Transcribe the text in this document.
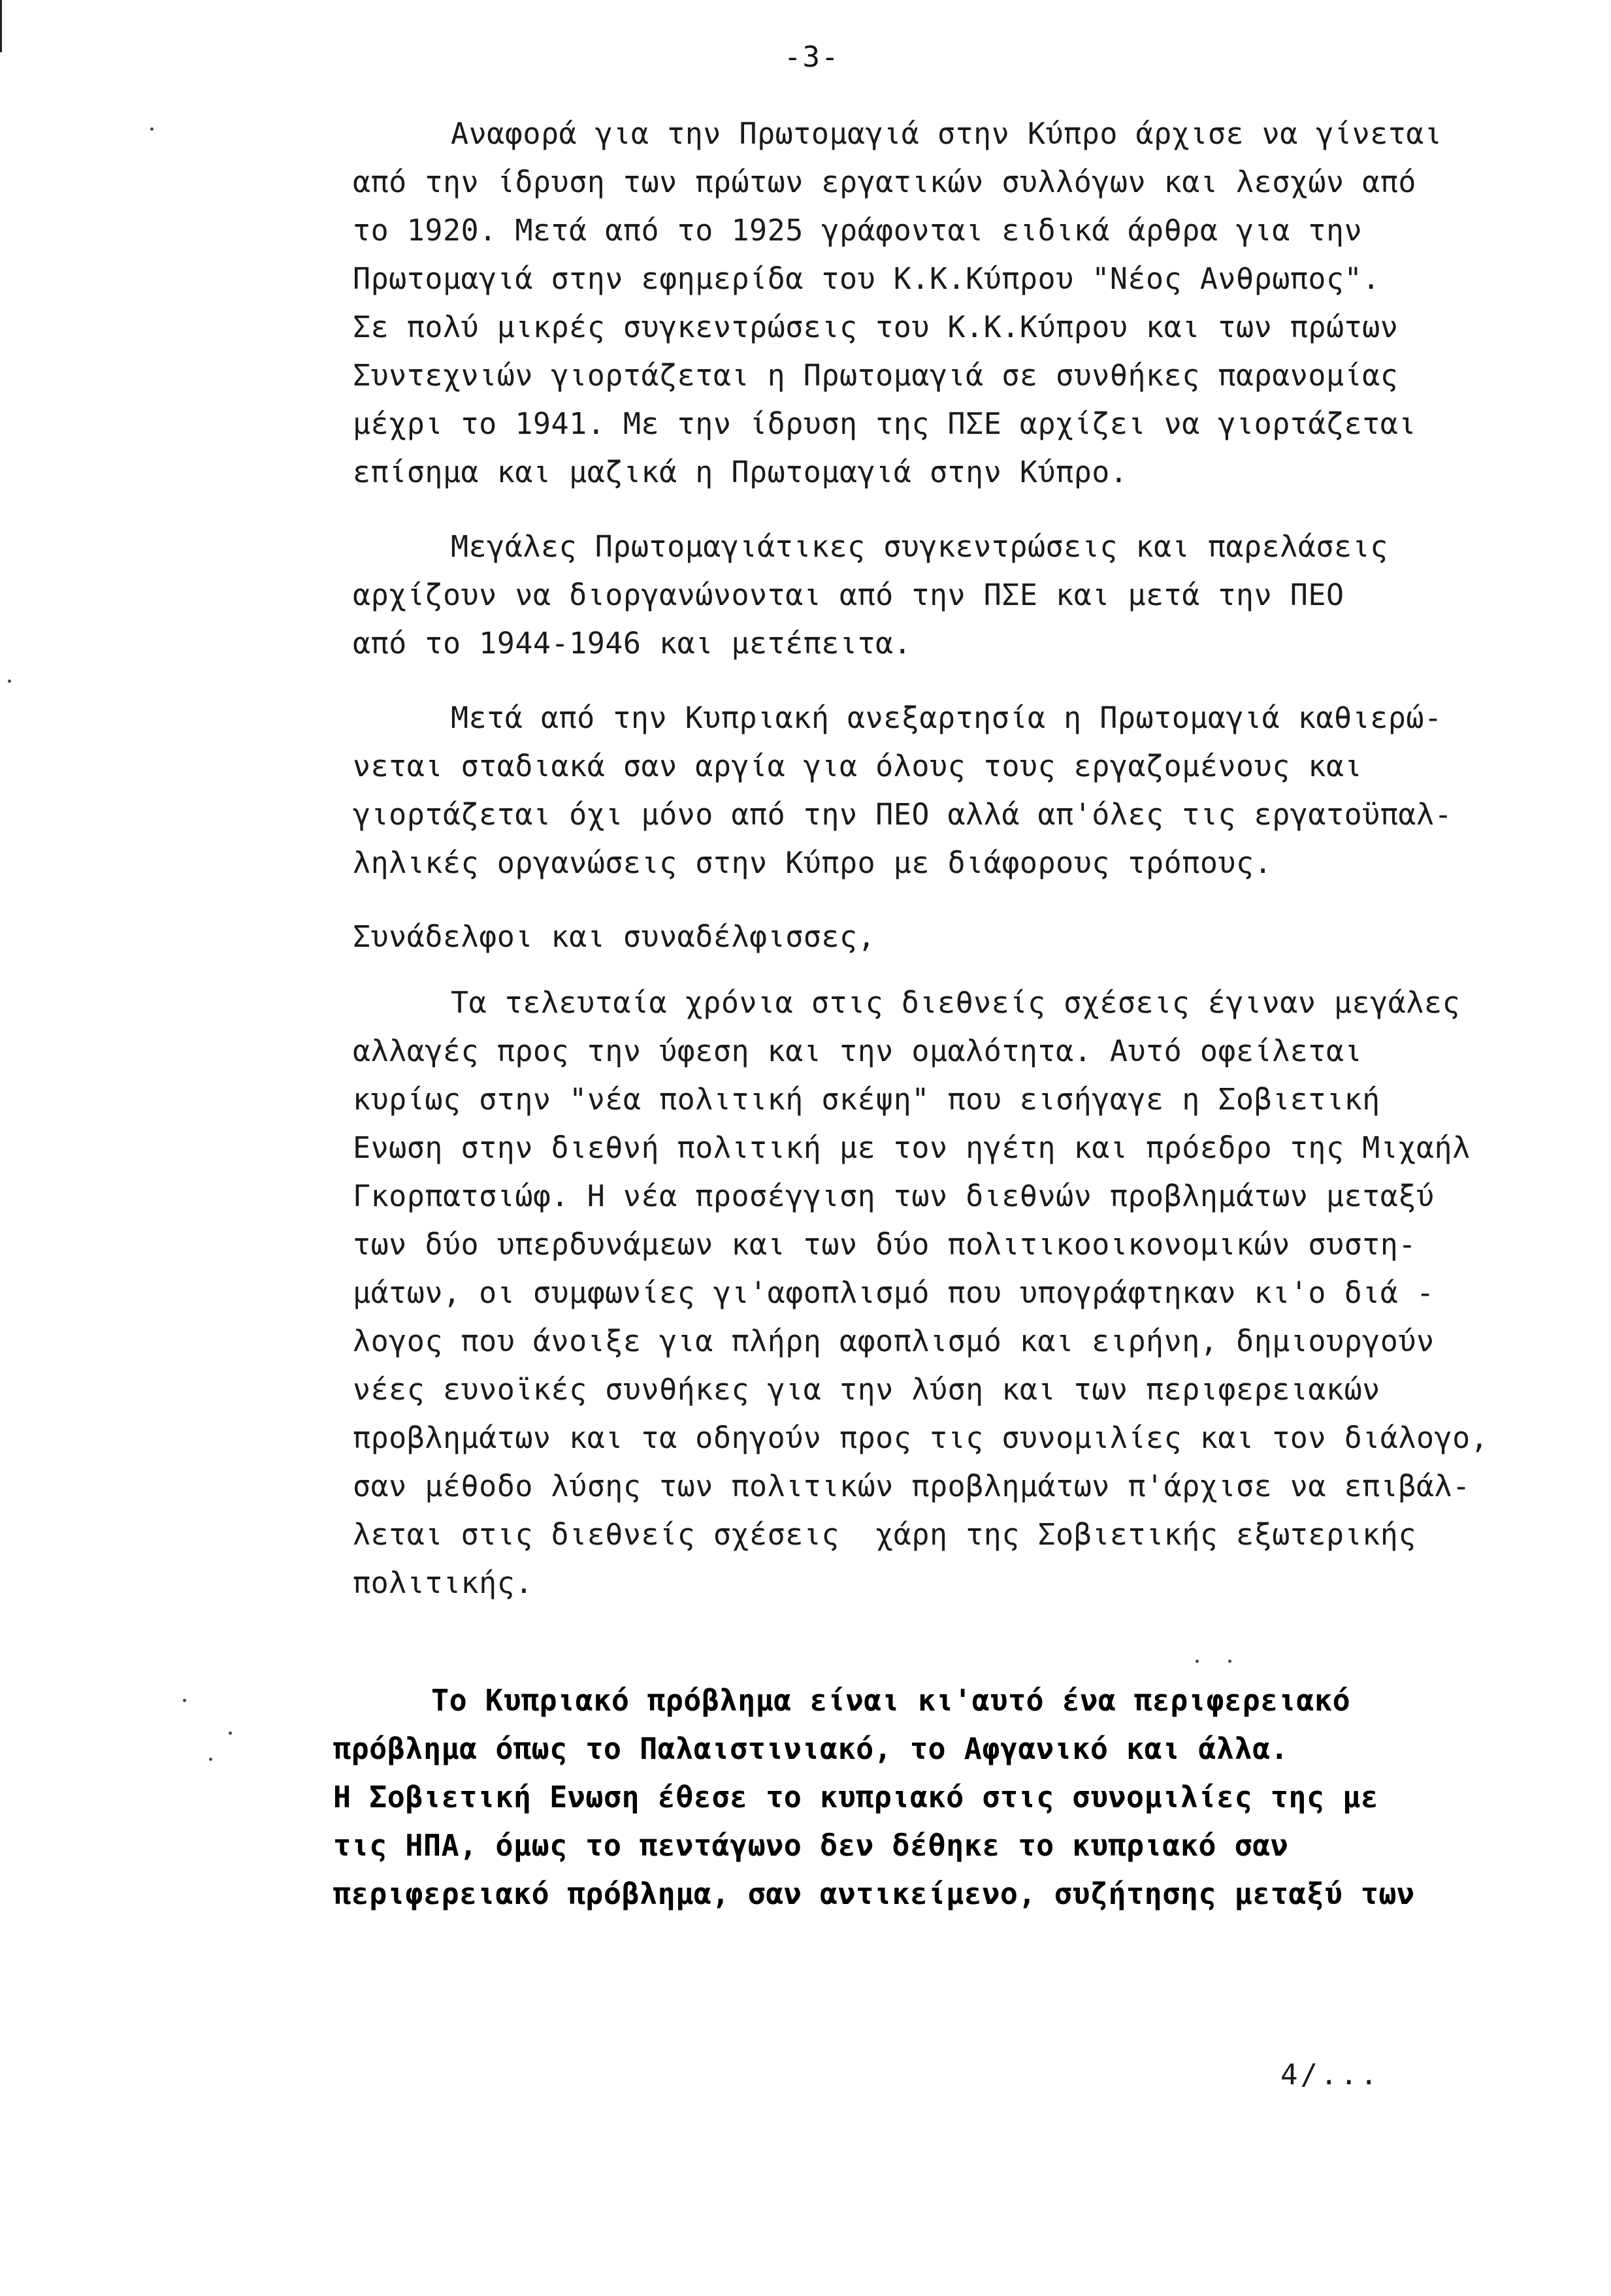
-3-
Αναφορά για την Πρωτομαγιά στην Κύπρο άρχισε να γίνεται
από την ίδρυση των πρώτων εργατικών συλλόγων και λεσχών από
το 1920. Μετά από το 1925 γράφονται ειδικά άρθρα για την
Πρωτομαγιά στην εφημερίδα του Κ.Κ.Κύπρου "Νέος Ανθρωπος".
Σε πολύ μικρές συγκεντρώσεις του Κ.Κ.Κύπρου και των πρώτων
Συντεχνιών γιορτάζεται η Πρωτομαγιά σε συνθήκες παρανομίας
μέχρι το 1941. Με την ίδρυση της ΠΣΕ αρχίζει να γιορτάζεται
επίσημα και μαζικά η Πρωτομαγιά στην Κύπρο.
Μεγάλες Πρωτομαγιάτικες συγκεντρώσεις και παρελάσεις
αρχίζουν να διοργανώνονται από την ΠΣΕ και μετά την ΠΕΟ
από το 1944-1946 και μετέπειτα.
Μετά από την Κυπριακή ανεξαρτησία η Πρωτομαγιά καθιερώ-
νεται σταδιακά σαν αργία για όλους τους εργαζομένους και
γιορτάζεται όχι μόνο από την ΠΕΟ αλλά απ'όλες τις εργατοϋπαλ-
ληλικές οργανώσεις στην Κύπρο με διάφορους τρόπους.
Συνάδελφοι και συναδέλφισσες,
Τα τελευταία χρόνια στις διεθνείς σχέσεις έγιναν μεγάλες
αλλαγές προς την ύφεση και την ομαλότητα. Αυτό οφείλεται
κυρίως στην "νέα πολιτική σκέψη" που εισήγαγε η Σοβιετική
Ενωση στην διεθνή πολιτική με τον ηγέτη και πρόεδρο της Μιχαήλ
Γκορπατσιώφ. Η νέα προσέγγιση των διεθνών προβλημάτων μεταξύ
των δύο υπερδυνάμεων και των δύο πολιτικοοικονομικών συστη-
μάτων, οι συμφωνίες γι'αφοπλισμό που υπογράφτηκαν κι'ο διά -
λογος που άνοιξε για πλήρη αφοπλισμό και ειρήνη, δημιουργούν
νέες ευνοϊκές συνθήκες για την λύση και των περιφερειακών
προβλημάτων και τα οδηγούν προς τις συνομιλίες και τον διάλογο,
σαν μέθοδο λύσης των πολιτικών προβλημάτων π'άρχισε να επιβάλ-
λεται στις διεθνείς σχέσεις  χάρη της Σοβιετικής εξωτερικής
πολιτικής.
Το Κυπριακό πρόβλημα είναι κι'αυτό ένα περιφερειακό
πρόβλημα όπως το Παλαιστινιακό, το Αφγανικό και άλλα.
Η Σοβιετική Ενωση έθεσε το κυπριακό στις συνομιλίες της με
τις ΗΠΑ, όμως το πεντάγωνο δεν δέθηκε το κυπριακό σαν
περιφερειακό πρόβλημα, σαν αντικείμενο, συζήτησης μεταξύ των
4/...
